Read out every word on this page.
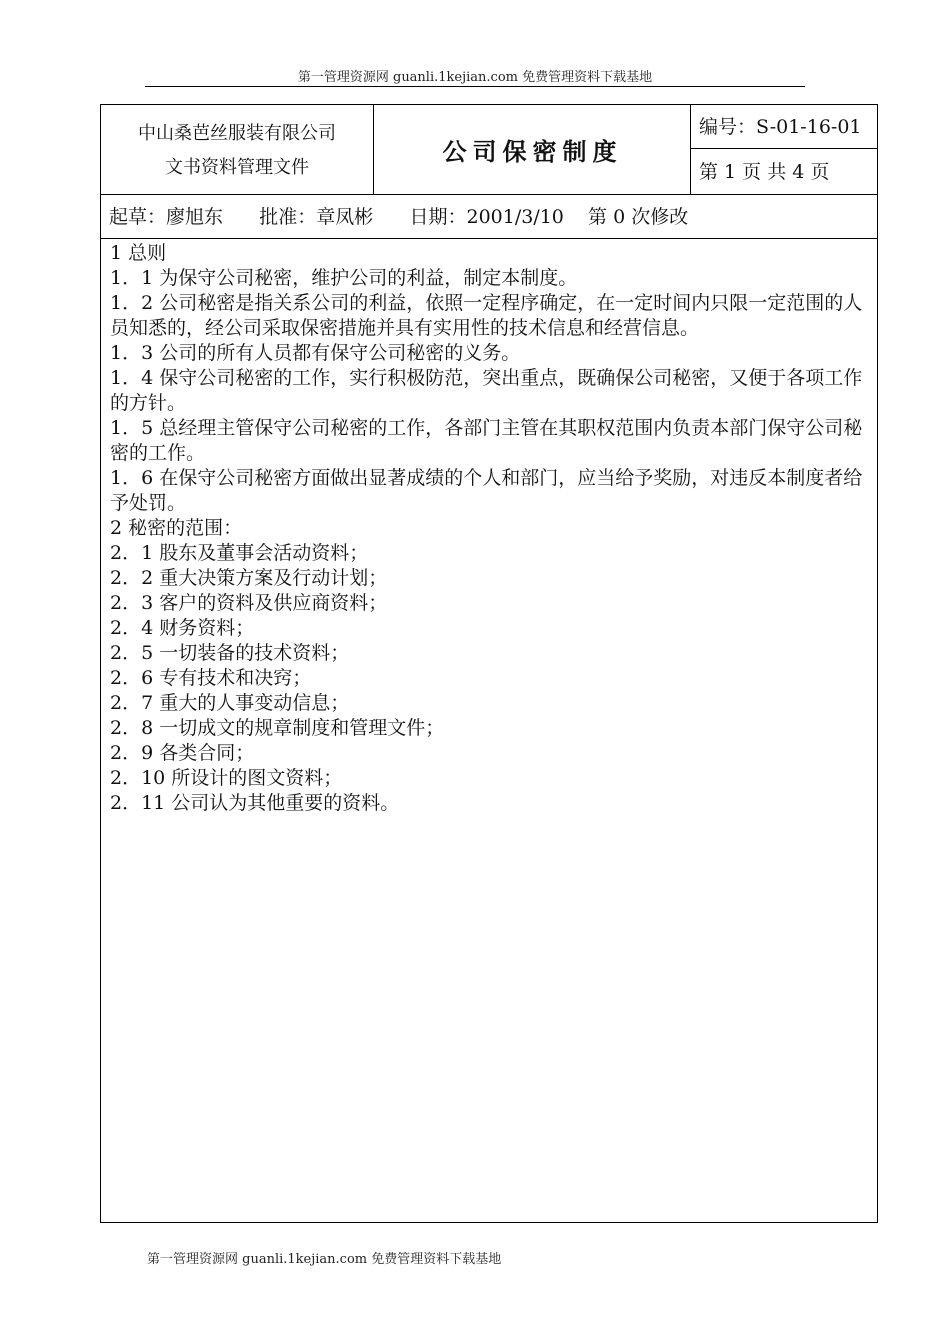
第一管理资源网 guanli.1kejian.com 免费管理资料下载基地
中山桑芭丝服装有限公司
文书资料管理文件
公司保密制度
编号：S-01-16-01
第 1 页 共 4 页
起草：廖旭东      批准：章凤彬      日期：2001/3/10    第 0 次修改

1 总则

1．1 为保守公司秘密，维护公司的利益，制定本制度。

1．2 公司秘密是指关系公司的利益，依照一定程序确定，在一定时间内只限一定范围的人员知悉的，经公司采取保密措施并具有实用性的技术信息和经营信息。

1．3 公司的所有人员都有保守公司秘密的义务。

1．4 保守公司秘密的工作，实行积极防范，突出重点，既确保公司秘密，又便于各项工作的方针。

1．5 总经理主管保守公司秘密的工作，各部门主管在其职权范围内负责本部门保守公司秘密的工作。

1．6 在保守公司秘密方面做出显著成绩的个人和部门，应当给予奖励，对违反本制度者给予处罚。

2 秘密的范围：

2．1 股东及董事会活动资料；

2．2 重大决策方案及行动计划；

2．3 客户的资料及供应商资料；

2．4 财务资料；

2．5 一切装备的技术资料；

2．6 专有技术和决窍；

2．7 重大的人事变动信息；

2．8 一切成文的规章制度和管理文件；

2．9 各类合同；

2．10 所设计的图文资料；

2．11 公司认为其他重要的资料。

第一管理资源网 guanli.1kejian.com 免费管理资料下载基地
